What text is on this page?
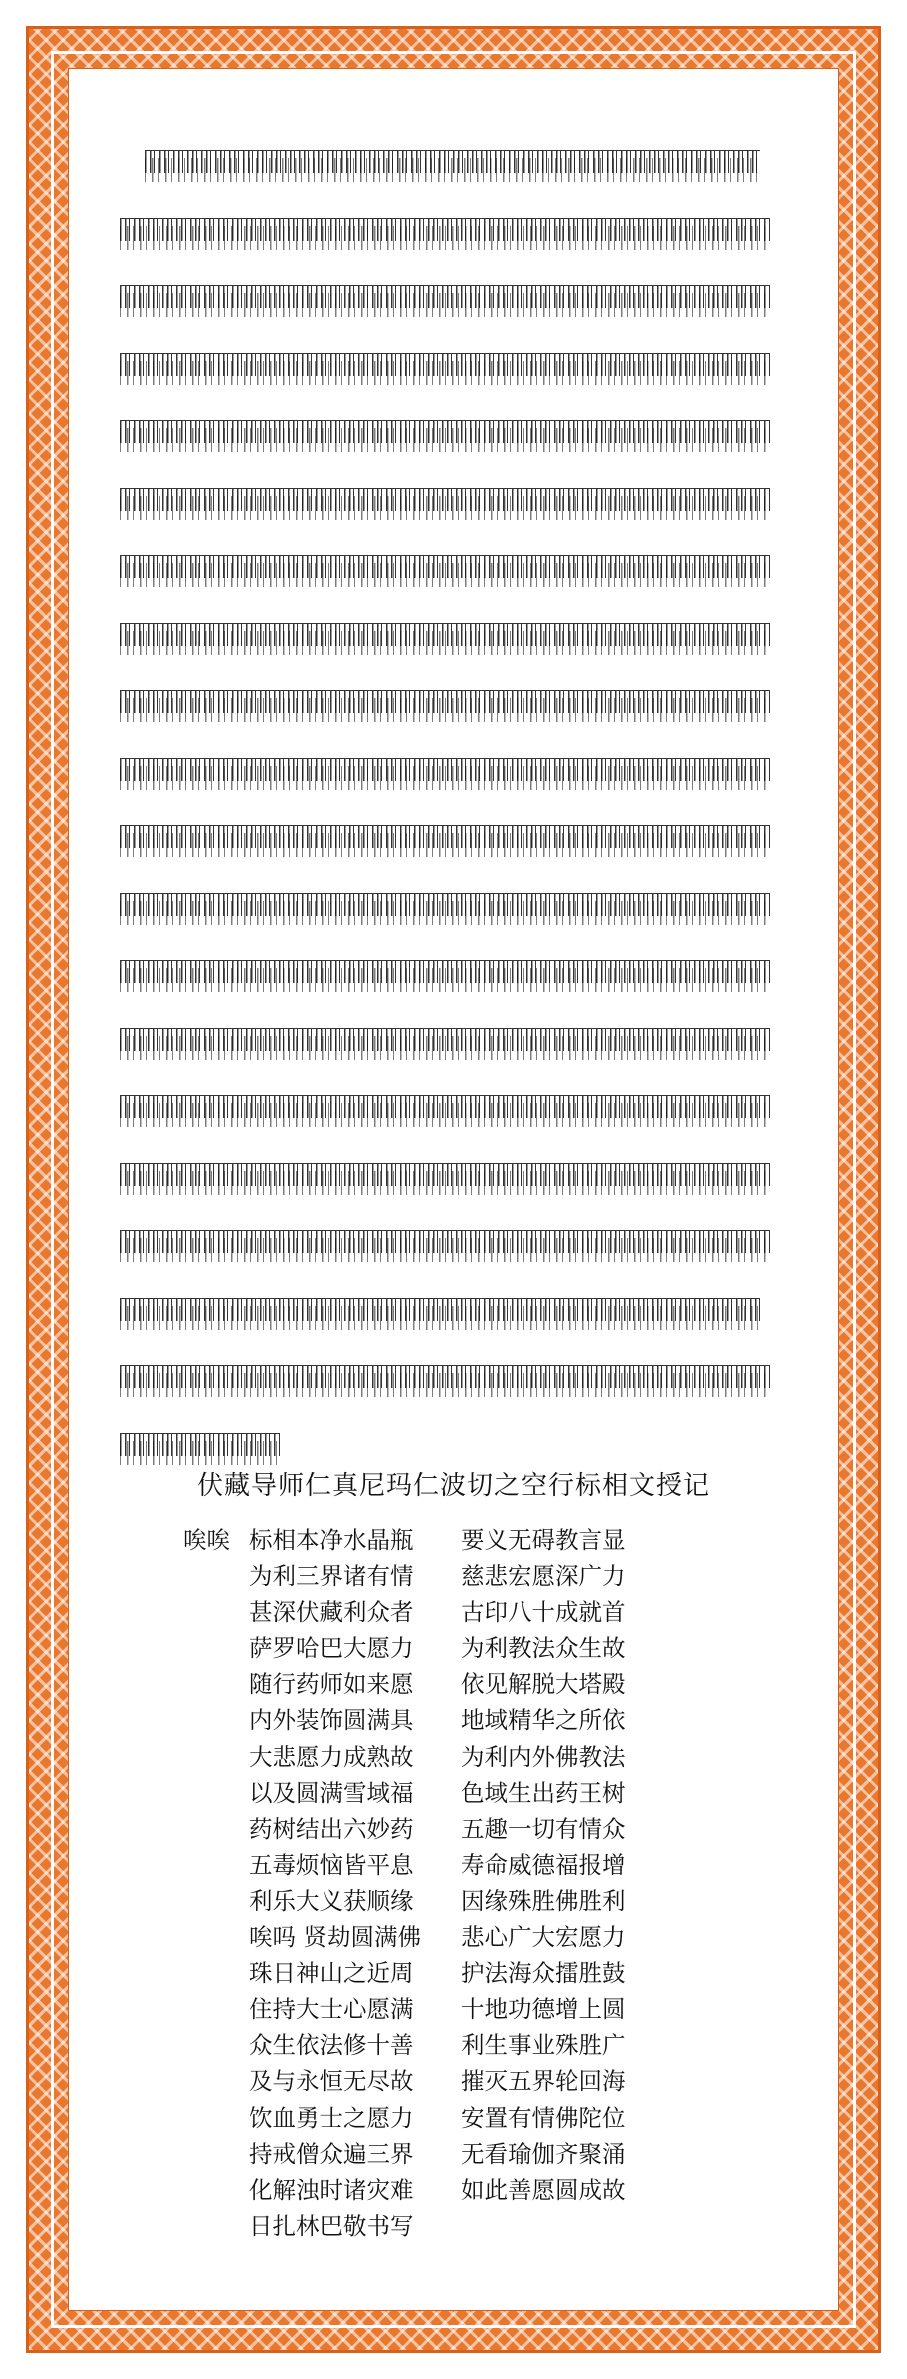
伏藏导师仁真尼玛仁波切之空行标相文授记
唉唉 标相本净水晶瓶 要义无碍教言显
为利三界诸有情 慈悲宏愿深广力
甚深伏藏利众者 古印八十成就首
萨罗哈巴大愿力 为利教法众生故
随行药师如来愿 依见解脱大塔殿
内外装饰圆满具 地域精华之所依
大悲愿力成熟故 为利内外佛教法
以及圆满雪域福 色域生出药王树
药树结出六妙药 五趣一切有情众
五毒烦恼皆平息 寿命威德福报增
利乐大义获顺缘 因缘殊胜佛胜利
唉吗 贤劫圆满佛 悲心广大宏愿力
珠日神山之近周 护法海众擂胜鼓
住持大士心愿满 十地功德增上圆
众生依法修十善 利生事业殊胜广
及与永恒无尽故 摧灭五界轮回海
饮血勇士之愿力 安置有情佛陀位
持戒僧众遍三界 无看瑜伽齐聚涌
化解浊时诸灾难 如此善愿圆成故
日扎林巴敬书写
